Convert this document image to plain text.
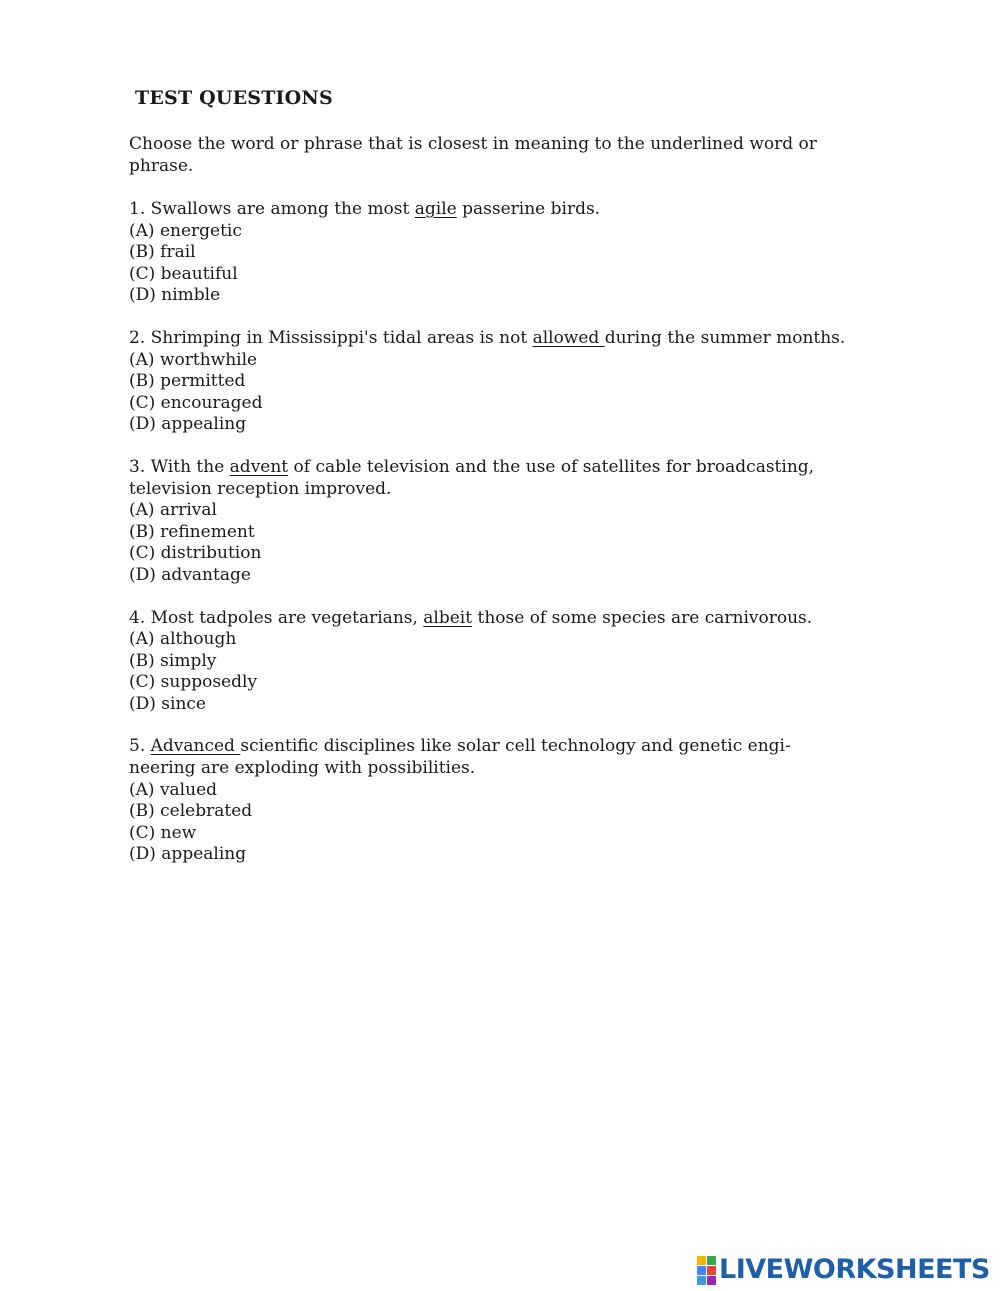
TEST QUESTIONS

Choose the word or phrase that is closest in meaning to the underlined word or phrase.

1. Swallows are among the most agile passerine birds.
(A) energetic
(B) frail
(C) beautiful
(D) nimble
2. Shrimping in Mississippi's tidal areas is not allowed during the summer months.
(A) worthwhile
(B) permitted
(C) encouraged
(D) appealing
3. With the advent of cable television and the use of satellites for broadcasting, television reception improved.
(A) arrival
(B) refinement
(C) distribution
(D) advantage
4. Most tadpoles are vegetarians, albeit those of some species are carnivorous.
(A) although
(B) simply
(C) supposedly
(D) since
5. Advanced scientific disciplines like solar cell technology and genetic engi-neering are exploding with possibilities.
(A) valued
(B) celebrated
(C) new
(D) appealing
LIVEWORKSHEETS
